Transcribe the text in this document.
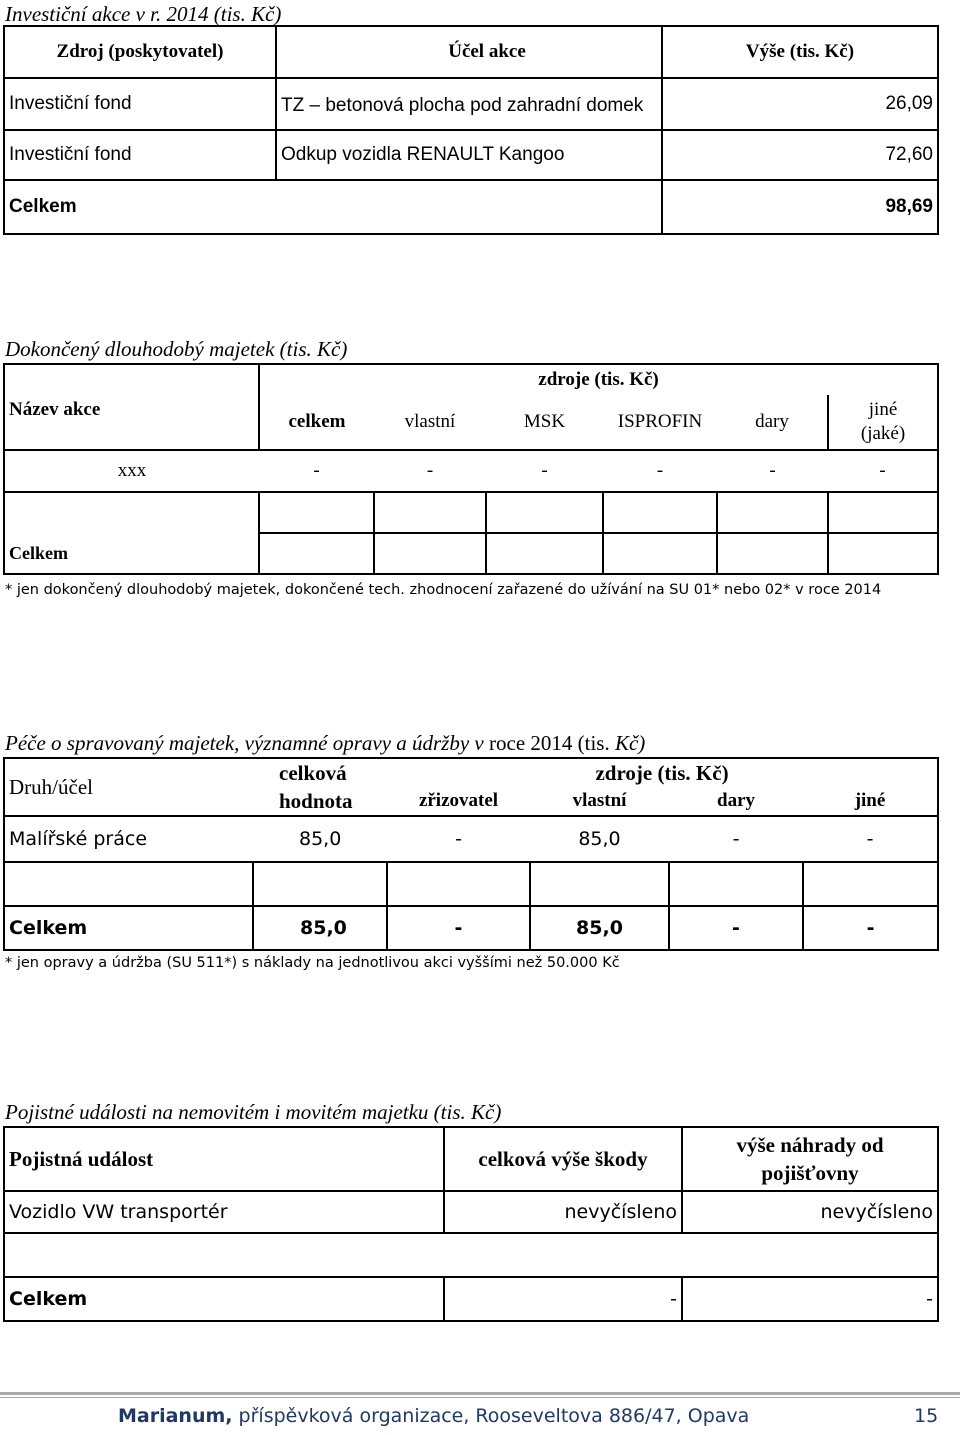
Investiční akce v r. 2014 (tis. Kč)
Zdroj (poskytovatel)	Účel akce	Výše (tis. Kč)
Investiční fond	TZ – betonová plocha pod zahradní domek	26,09
Investiční fond	Odkup vozidla RENAULT Kangoo	72,60
Celkem		98,69
Dokončený dlouhodobý majetek (tis. Kč)
Název akce	zdroje (tis. Kč)					
	celkem	vlastní	MSK	ISPROFIN	dary	jiné (jaké)
xxx	-	-	-	-	-	-

Celkem						
* jen dokončený dlouhodobý majetek, dokončené tech. zhodnocení zařazené do užívání na SU 01* nebo 02* v roce 2014
Péče o spravovaný majetek, významné opravy a údržby v roce 2014 (tis. Kč)
Druh/účel	celková	zdroje (tis. Kč)			
	hodnota	zřizovatel	vlastní	dary	jiné
Malířské práce	85,0	-	85,0	-	-

Celkem	85,0	-	85,0	-	-
* jen opravy a údržba (SU 511*) s náklady na jednotlivou akci vyššími než 50.000 Kč
Pojistné události na nemovitém i movitém majetku (tis. Kč)
Pojistná událost	celková výše škody	výše náhrady od
pojišťovny
Vozidlo VW transportér	nevyčísleno	nevyčísleno

Celkem	-	-
Marianum, příspěvková organizace, Rooseveltova 886/47, Opava	15
